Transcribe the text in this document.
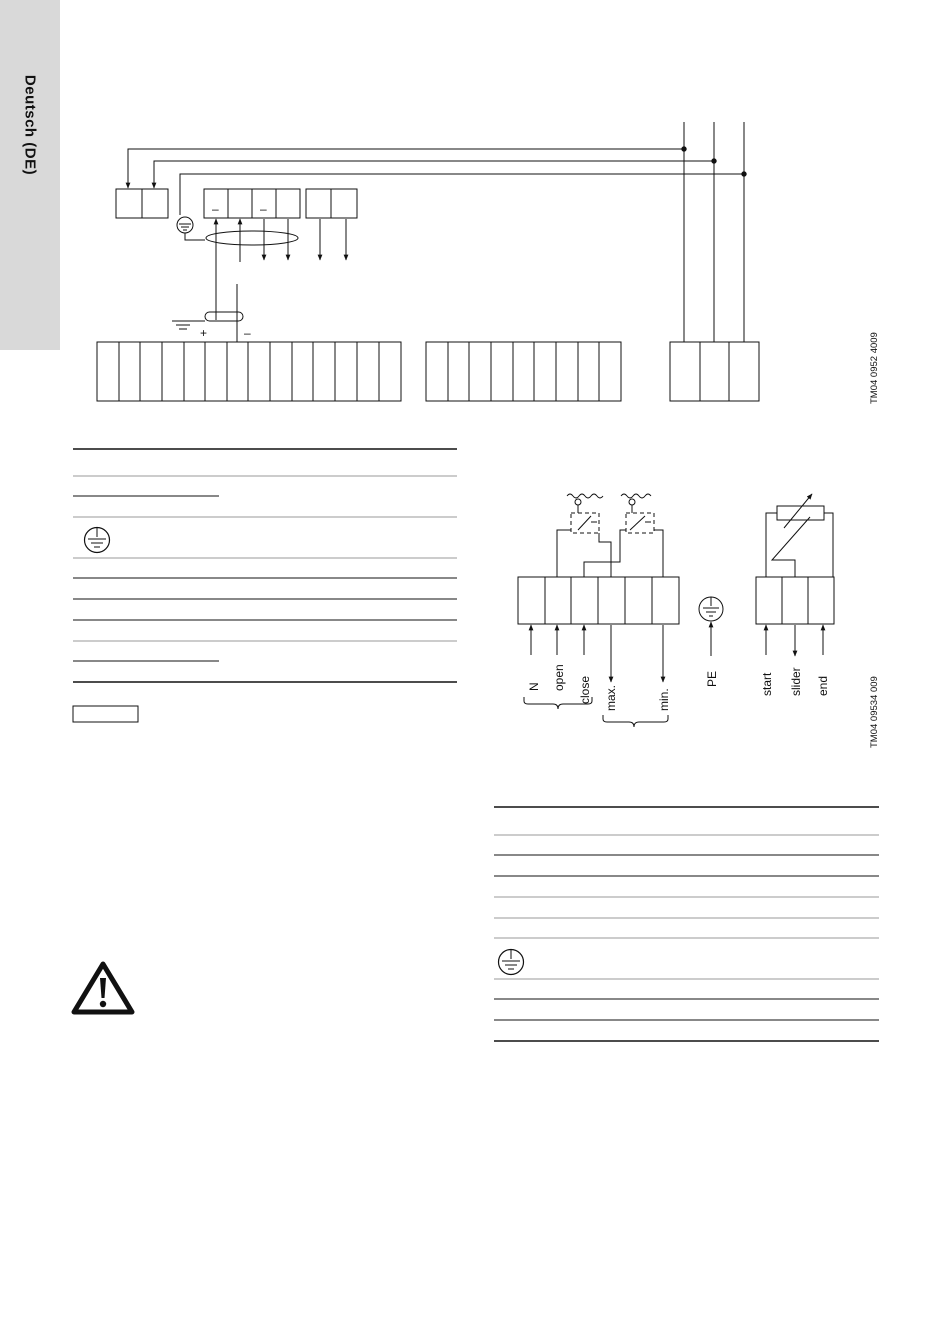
Deutsch (DE)
–	–
+	–	TM04 0952 4009
N open close max.	min.
PE	start slider end	TM04 09534 009
